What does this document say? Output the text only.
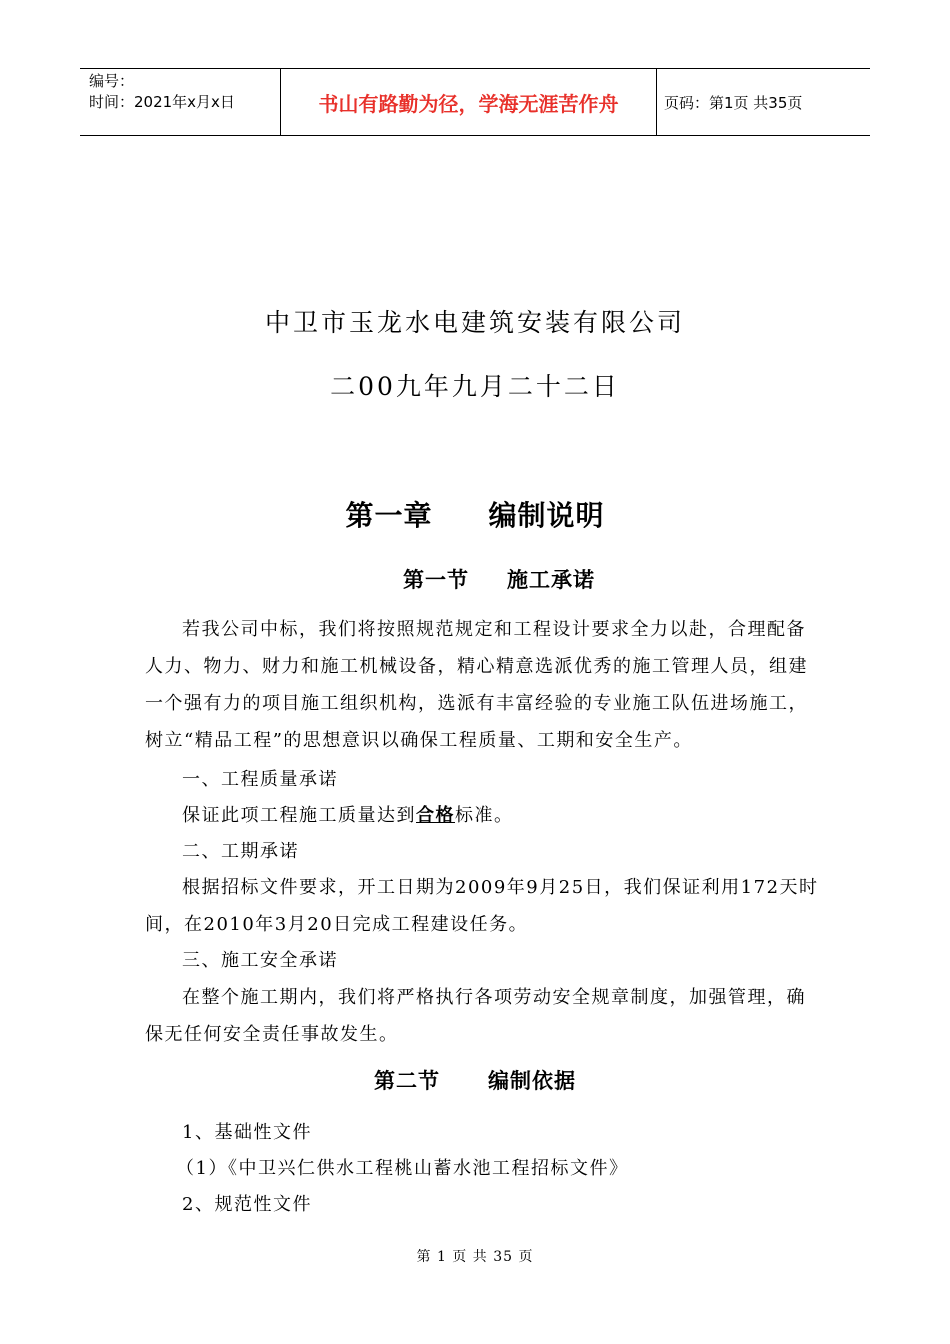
编号：
时间：2021年x月x日	书山有路勤为径，学海无涯苦作舟	页码：第1页 共35页
中卫市玉龙水电建筑安装有限公司
二00九年九月二十二日
第一章 编制说明
第一节 施工承诺
若我公司中标，我们将按照规范规定和工程设计要求全力以赴，合理配备人力、物力、财力和施工机械设备，精心精意选派优秀的施工管理人员，组建一个强有力的项目施工组织机构，选派有丰富经验的专业施工队伍进场施工，树立“精品工程”的思想意识以确保工程质量、工期和安全生产。
一、工程质量承诺
保证此项工程施工质量达到合格标准。
二、工期承诺
根据招标文件要求，开工日期为2009年9月25日，我们保证利用172天时
间，在2010年3月20日完成工程建设任务。
三、施工安全承诺
在整个施工期内，我们将严格执行各项劳动安全规章制度，加强管理，确
保无任何安全责任事故发生。
第二节 编制依据
1、基础性文件
（1）《中卫兴仁供水工程桃山蓄水池工程招标文件》
2、规范性文件
第 1 页 共 35 页
